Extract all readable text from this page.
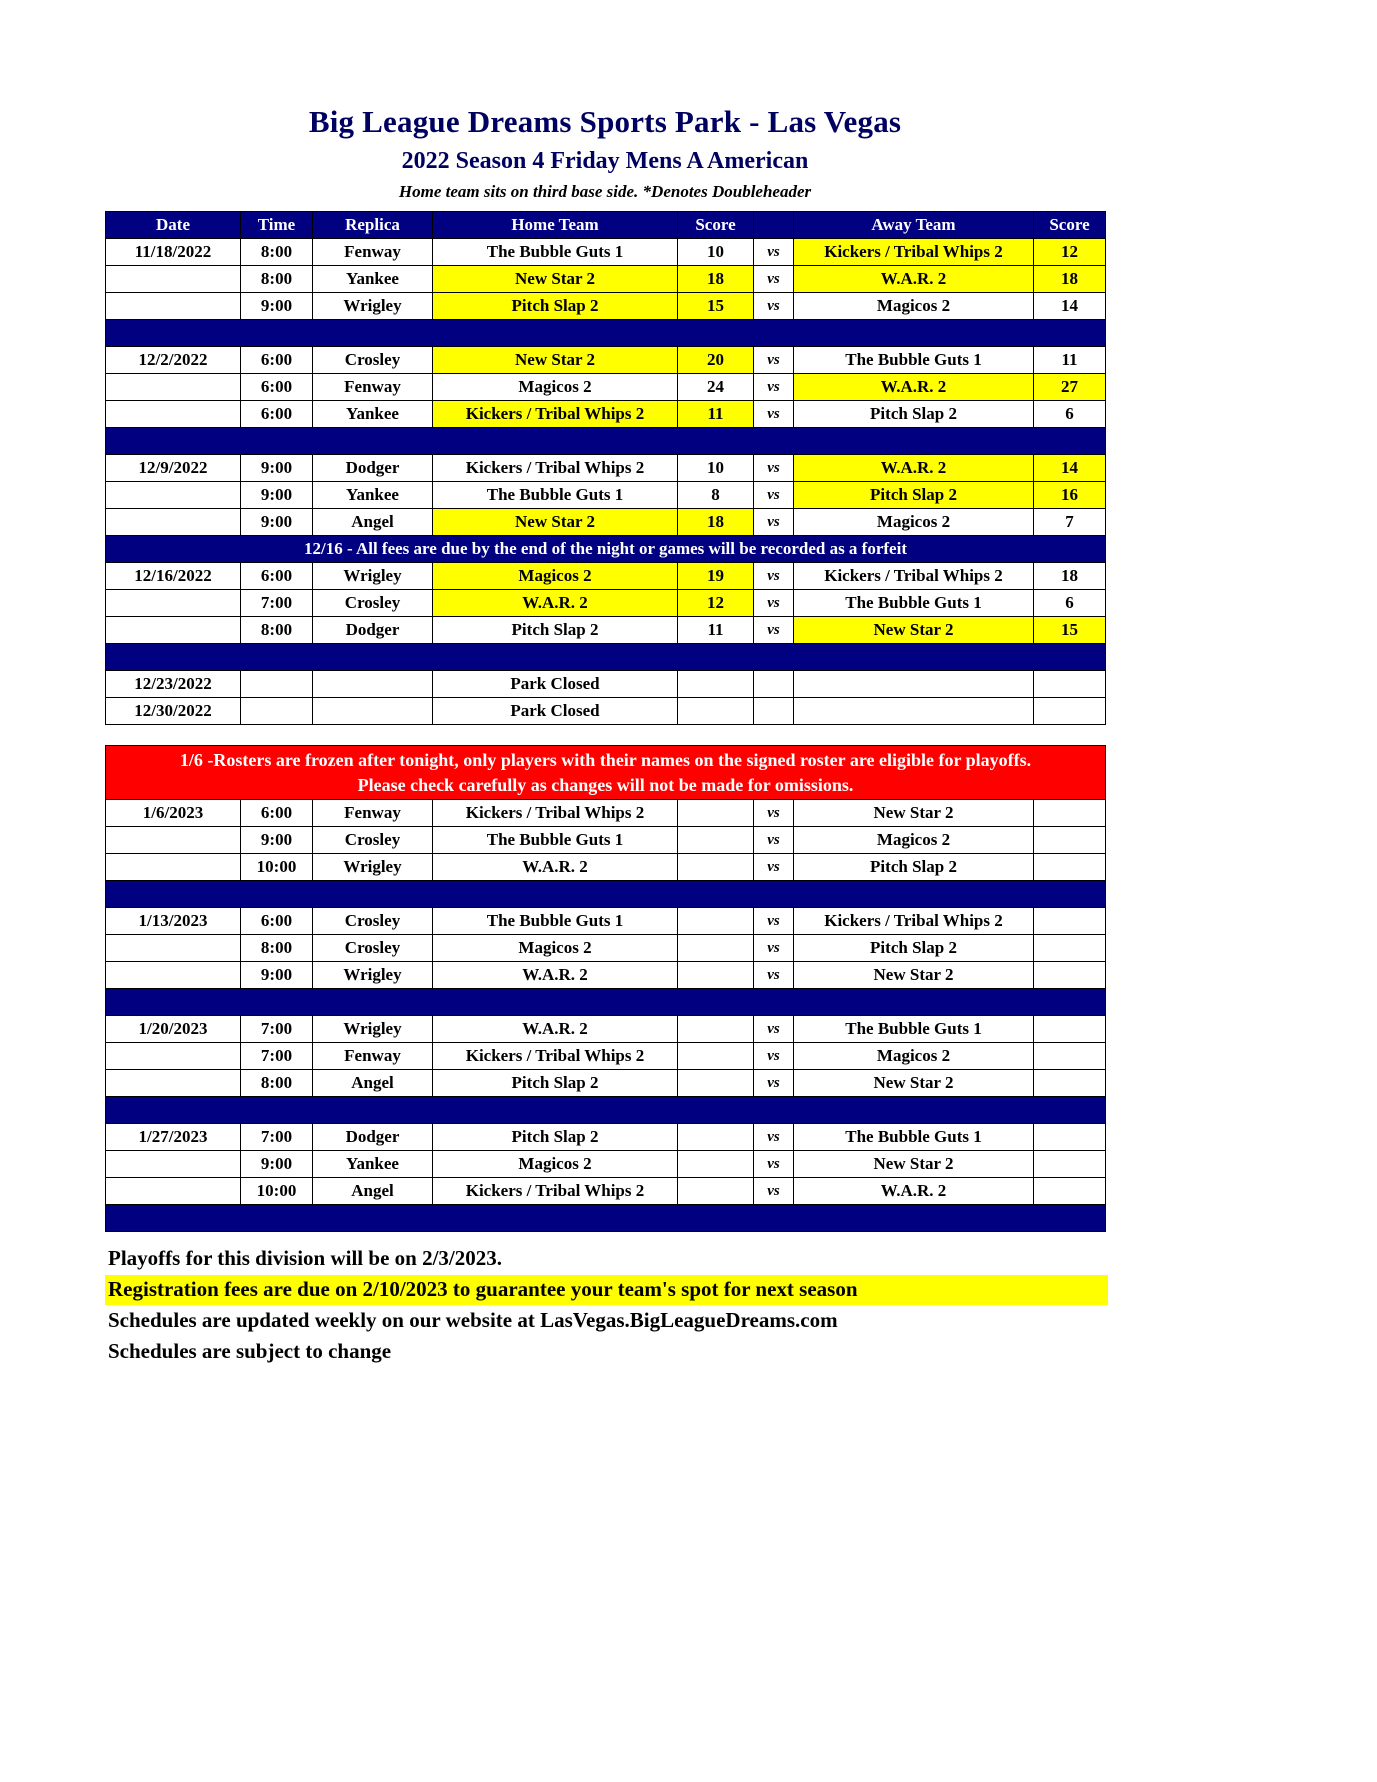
Big League Dreams Sports Park - Las Vegas
2022 Season 4 Friday Mens A American
Home team sits on third base side. *Denotes Doubleheader
Date	Time	Replica	Home Team	Score		Away Team	Score
11/18/2022	8:00	Fenway	The Bubble Guts 1	10	vs	Kickers / Tribal Whips 2	12
	8:00	Yankee	New Star 2	18	vs	W.A.R. 2	18
	9:00	Wrigley	Pitch Slap 2	15	vs	Magicos 2	14

12/2/2022	6:00	Crosley	New Star 2	20	vs	The Bubble Guts 1	11
	6:00	Fenway	Magicos 2	24	vs	W.A.R. 2	27
	6:00	Yankee	Kickers / Tribal Whips 2	11	vs	Pitch Slap 2	6

12/9/2022	9:00	Dodger	Kickers / Tribal Whips 2	10	vs	W.A.R. 2	14
	9:00	Yankee	The Bubble Guts 1	8	vs	Pitch Slap 2	16
	9:00	Angel	New Star 2	18	vs	Magicos 2	7
12/16 - All fees are due by the end of the night or games will be recorded as a forfeit							
12/16/2022	6:00	Wrigley	Magicos 2	19	vs	Kickers / Tribal Whips 2	18
	7:00	Crosley	W.A.R. 2	12	vs	The Bubble Guts 1	6
	8:00	Dodger	Pitch Slap 2	11	vs	New Star 2	15

12/23/2022			Park Closed				
12/30/2022			Park Closed				

1/6 -Rosters are frozen after tonight, only players with their names on the signed roster are eligible for playoffs.
Please check carefully as changes will not be made for omissions.							

1/6/2023	6:00	Fenway	Kickers / Tribal Whips 2		vs	New Star 2	
	9:00	Crosley	The Bubble Guts 1		vs	Magicos 2	
	10:00	Wrigley	W.A.R. 2		vs	Pitch Slap 2	

1/13/2023	6:00	Crosley	The Bubble Guts 1		vs	Kickers / Tribal Whips 2	
	8:00	Crosley	Magicos 2		vs	Pitch Slap 2	
	9:00	Wrigley	W.A.R. 2		vs	New Star 2	

1/20/2023	7:00	Wrigley	W.A.R. 2		vs	The Bubble Guts 1	
	7:00	Fenway	Kickers / Tribal Whips 2		vs	Magicos 2	
	8:00	Angel	Pitch Slap 2		vs	New Star 2	

1/27/2023	7:00	Dodger	Pitch Slap 2		vs	The Bubble Guts 1	
	9:00	Yankee	Magicos 2		vs	New Star 2	
	10:00	Angel	Kickers / Tribal Whips 2		vs	W.A.R. 2	

Playoffs for this division will be on 2/3/2023.
Registration fees are due on 2/10/2023 to guarantee your team's spot for next season
Schedules are updated weekly on our website at LasVegas.BigLeagueDreams.com
Schedules are subject to change
